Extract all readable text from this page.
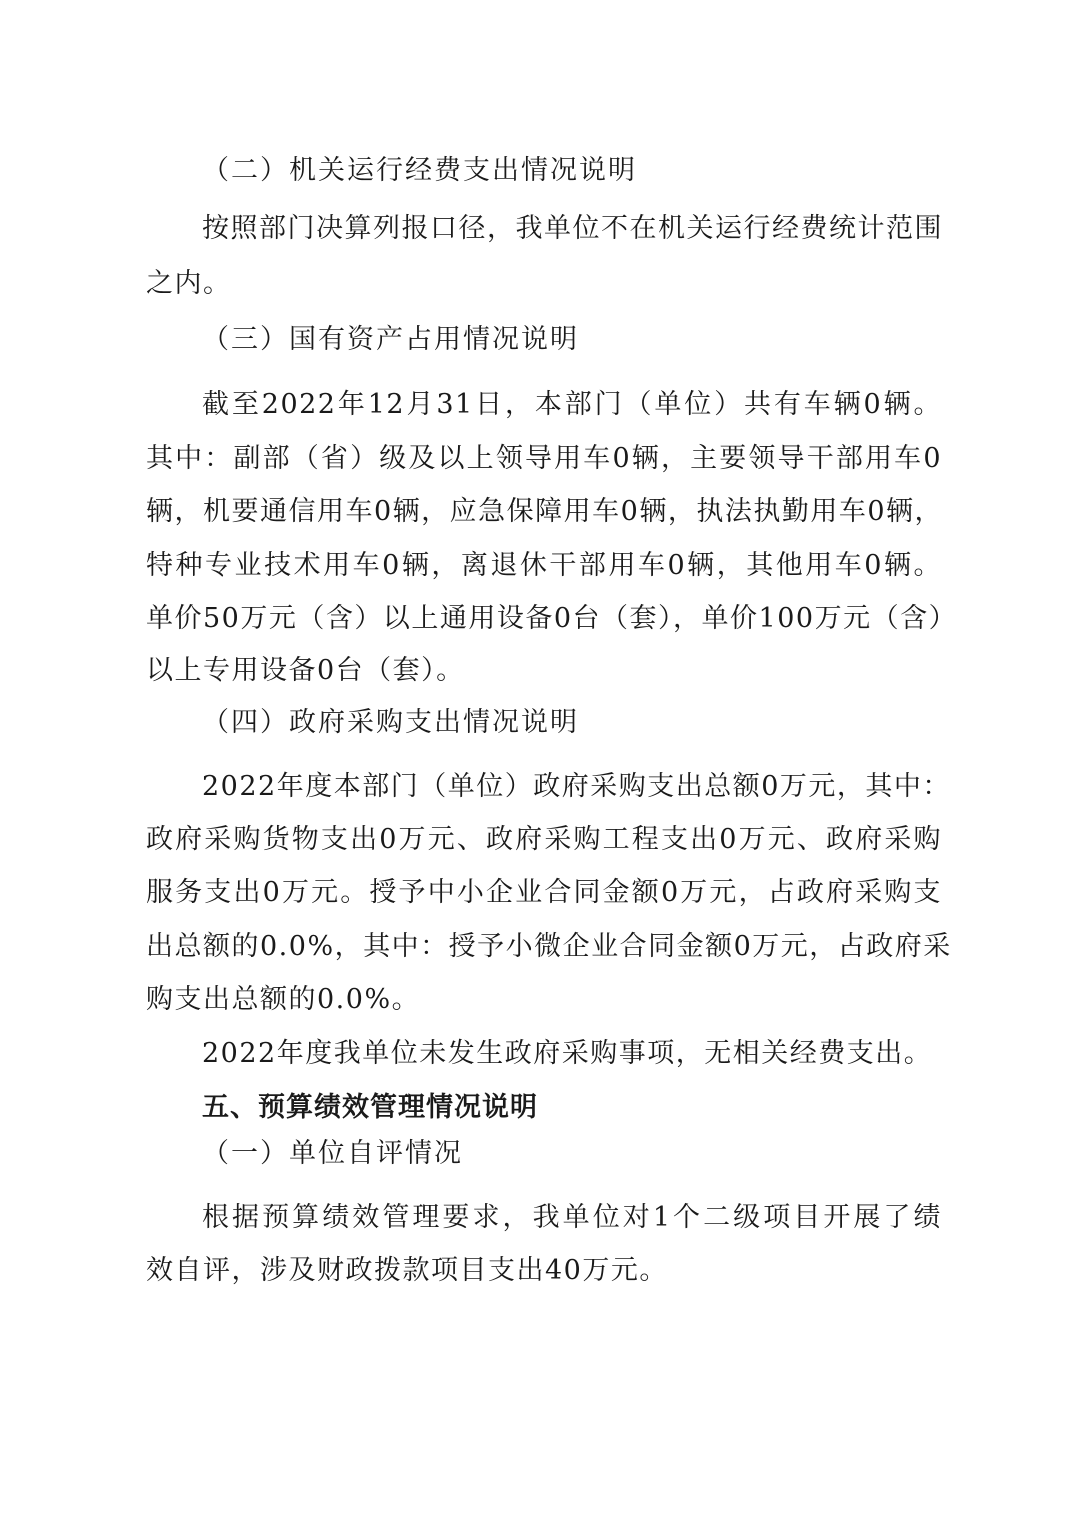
（二）机关运行经费支出情况说明
按照部门决算列报口径，我单位不在机关运行经费统计范围
之内。
（三）国有资产占用情况说明
截至2022年12月31日，本部门（单位）共有车辆0辆。
其中：副部（省）级及以上领导用车0辆，主要领导干部用车0
辆，机要通信用车0辆，应急保障用车0辆，执法执勤用车0辆，
特种专业技术用车0辆，离退休干部用车0辆，其他用车0辆。
单价50万元（含）以上通用设备0台（套），单价100万元（含）
以上专用设备0台（套）。
（四）政府采购支出情况说明
2022年度本部门（单位）政府采购支出总额0万元，其中：
政府采购货物支出0万元、政府采购工程支出0万元、政府采购
服务支出0万元。授予中小企业合同金额0万元，占政府采购支
出总额的0.0%，其中：授予小微企业合同金额0万元，占政府采
购支出总额的0.0%。
2022年度我单位未发生政府采购事项，无相关经费支出。
五、预算绩效管理情况说明
（一）单位自评情况
根据预算绩效管理要求，我单位对1个二级项目开展了绩
效自评，涉及财政拨款项目支出40万元。
